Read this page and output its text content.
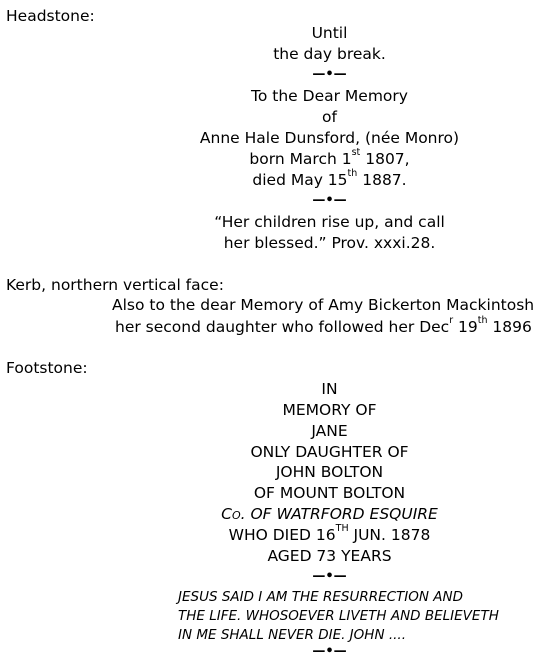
Headstone:
Until
the day break.
—•—
To the Dear Memory
of
Anne Hale Dunsford, (née Monro)
born March 1st 1807,
died May 15th 1887.
—•—
“Her children rise up, and call
her blessed.” Prov. xxxi.28.
Kerb, northern vertical face:
Also to the dear Memory of Amy Bickerton Mackintosh
her second daughter who followed her Dec$^r$ 19th 1896
Footstone:
IN
MEMORY OF
JANE
ONLY DAUGHTER OF
JOHN BOLTON
OF MOUNT BOLTON
CO. OF WATRFORD ESQUIRE
WHO DIED 16TH JUN. 1878
AGED 73 YEARS
—•—
JESUS SAID I AM THE RESURRECTION AND
THE LIFE. WHOSOEVER LIVETH AND BELIEVETH
IN ME SHALL NEVER DIE. JOHN ....
—•—
